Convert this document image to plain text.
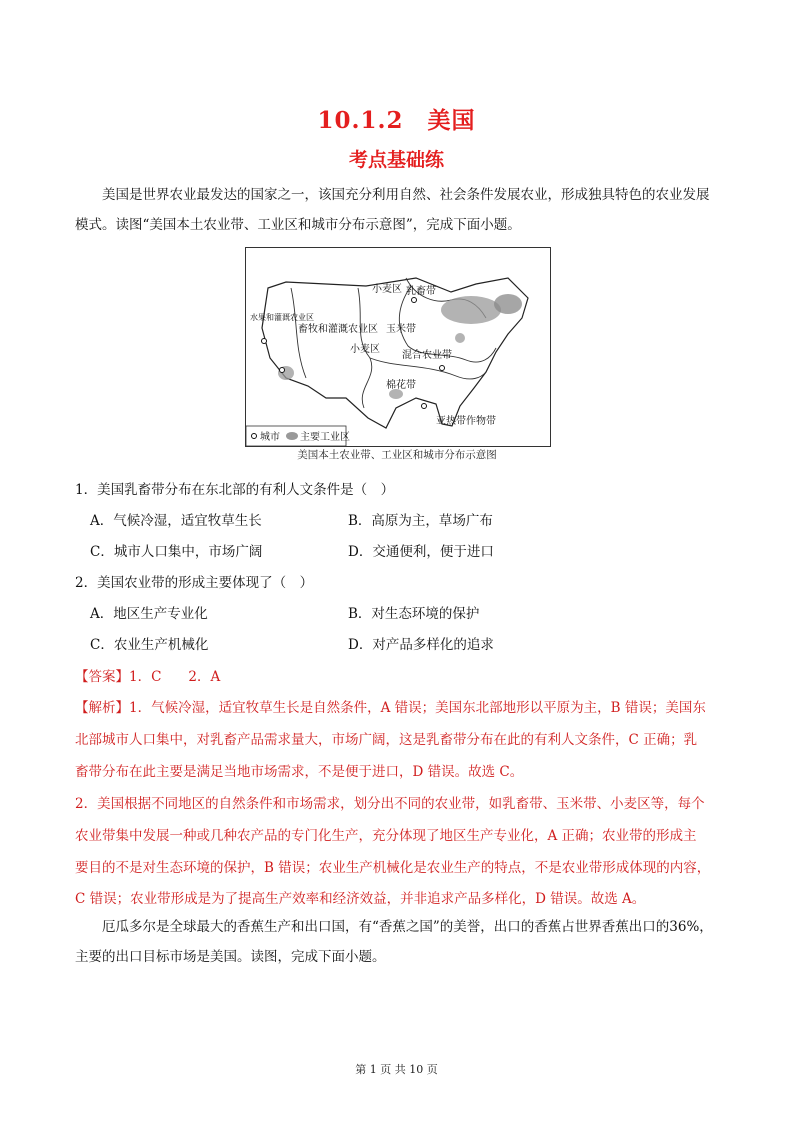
10.1.2　美国
考点基础练
美国是世界农业最发达的国家之一，该国充分利用自然、社会条件发展农业，形成独具特色的农业发展模式。读图“美国本土农业带、工业区和城市分布示意图”，完成下面小题。
小麦区 乳畜带
畜牧和灌溉农业区 玉米带
小麦区
混合农业带
棉花带
亚热带作物带
水果和灌溉农业区
城市 主要工业区
美国本土农业带、工业区和城市分布示意图
1．美国乳畜带分布在东北部的有利人文条件是（　）
A．气候冷湿，适宜牧草生长	B．高原为主，草场广布
C．城市人口集中，市场广阔	D．交通便利，便于进口
2．美国农业带的形成主要体现了（　）
A．地区生产专业化	B．对生态环境的保护
C．农业生产机械化	D．对产品多样化的追求
【答案】1．C　　2．A
【解析】1．气候冷湿，适宜牧草生长是自然条件，A 错误；美国东北部地形以平原为主，B 错误；美国东
北部城市人口集中，对乳畜产品需求量大，市场广阔，这是乳畜带分布在此的有利人文条件，C 正确；乳
畜带分布在此主要是满足当地市场需求，不是便于进口，D 错误。故选 C。
2．美国根据不同地区的自然条件和市场需求，划分出不同的农业带，如乳畜带、玉米带、小麦区等，每个
农业带集中发展一种或几种农产品的专门化生产，充分体现了地区生产专业化，A 正确；农业带的形成主
要目的不是对生态环境的保护，B 错误；农业生产机械化是农业生产的特点，不是农业带形成体现的内容，
C 错误；农业带形成是为了提高生产效率和经济效益，并非追求产品多样化，D 错误。故选 A。
厄瓜多尔是全球最大的香蕉生产和出口国，有“香蕉之国”的美誉，出口的香蕉占世界香蕉出口的36%，主要的出口目标市场是美国。读图，完成下面小题。
第 1 页 共 10 页
